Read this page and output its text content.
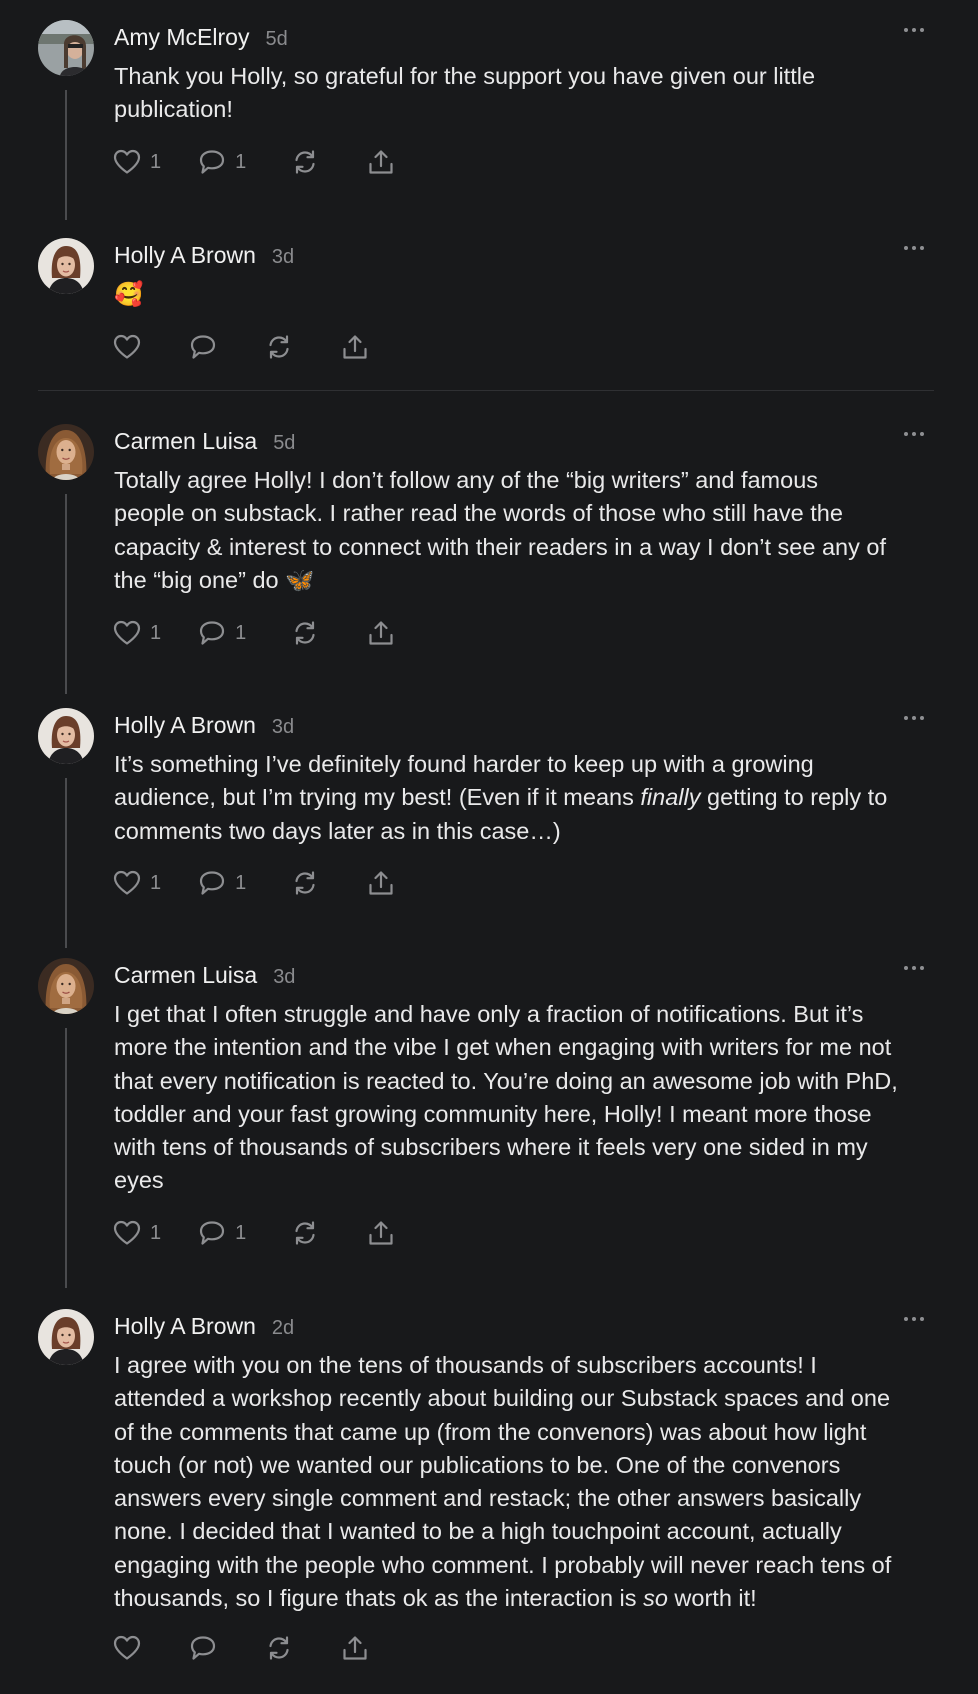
Amy McElroy 5d
Thank you Holly, so grateful for the support you have given our little
publication!
1	1
Holly A Brown 3d
🥰
Carmen Luisa 5d
Totally agree Holly! I don’t follow any of the “big writers” and famous
people on substack. I rather read the words of those who still have the
capacity & interest to connect with their readers in a way I don’t see any of
the “big one” do 🦋
1	1
Holly A Brown 3d
It’s something I’ve definitely found harder to keep up with a growing
audience, but I’m trying my best! (Even if it means finally getting to reply to
comments two days later as in this case…)
1	1
Carmen Luisa 3d
I get that I often struggle and have only a fraction of notifications. But it’s
more the intention and the vibe I get when engaging with writers for me not
that every notification is reacted to. You’re doing an awesome job with PhD,
toddler and your fast growing community here, Holly! I meant more those
with tens of thousands of subscribers where it feels very one sided in my
eyes
1	1
Holly A Brown 2d
I agree with you on the tens of thousands of subscribers accounts! I
attended a workshop recently about building our Substack spaces and one
of the comments that came up (from the convenors) was about how light
touch (or not) we wanted our publications to be. One of the convenors
answers every single comment and restack; the other answers basically
none. I decided that I wanted to be a high touchpoint account, actually
engaging with the people who comment. I probably will never reach tens of
thousands, so I figure thats ok as the interaction is so worth it!
